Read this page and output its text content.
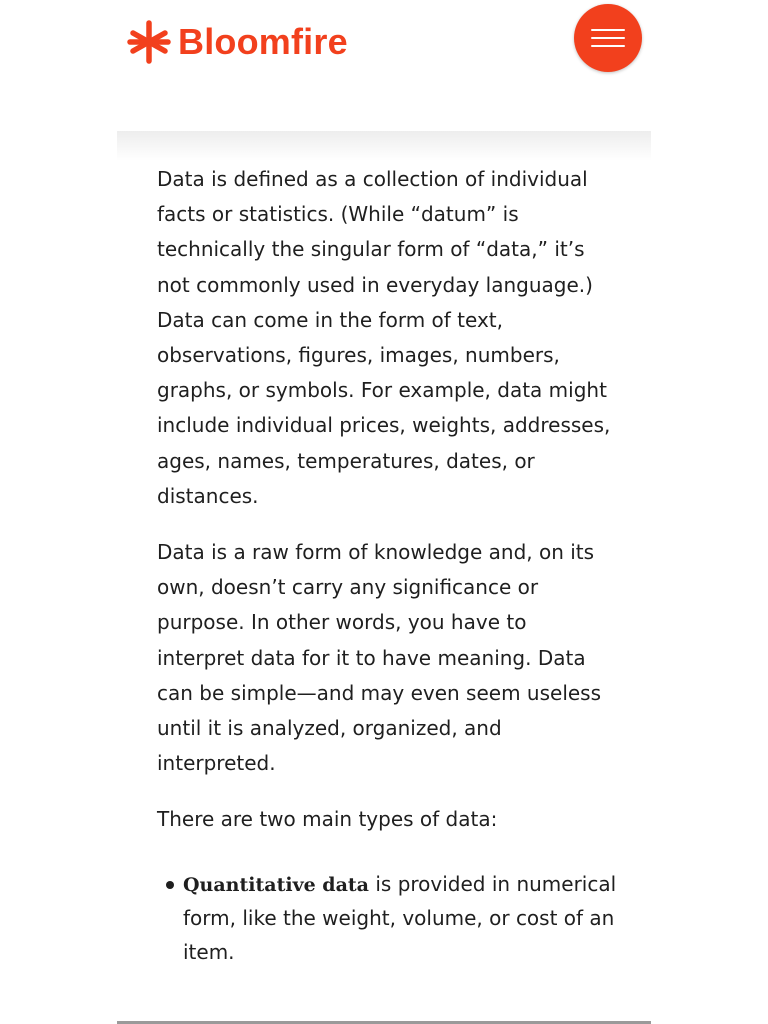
Bloomfire

Data is defined as a collection of individual facts or statistics. (While “datum” is technically the singular form of “data,” it’s not commonly used in everyday language.) Data can come in the form of text, observations, figures, images, numbers, graphs, or symbols. For example, data might include individual prices, weights, addresses, ages, names, temperatures, dates, or distances.

Data is a raw form of knowledge and, on its own, doesn’t carry any significance or purpose. In other words, you have to interpret data for it to have meaning. Data can be simple—and may even seem useless until it is analyzed, organized, and interpreted.

There are two main types of data:

Quantitative data is provided in numerical form, like the weight, volume, or cost of an item.
